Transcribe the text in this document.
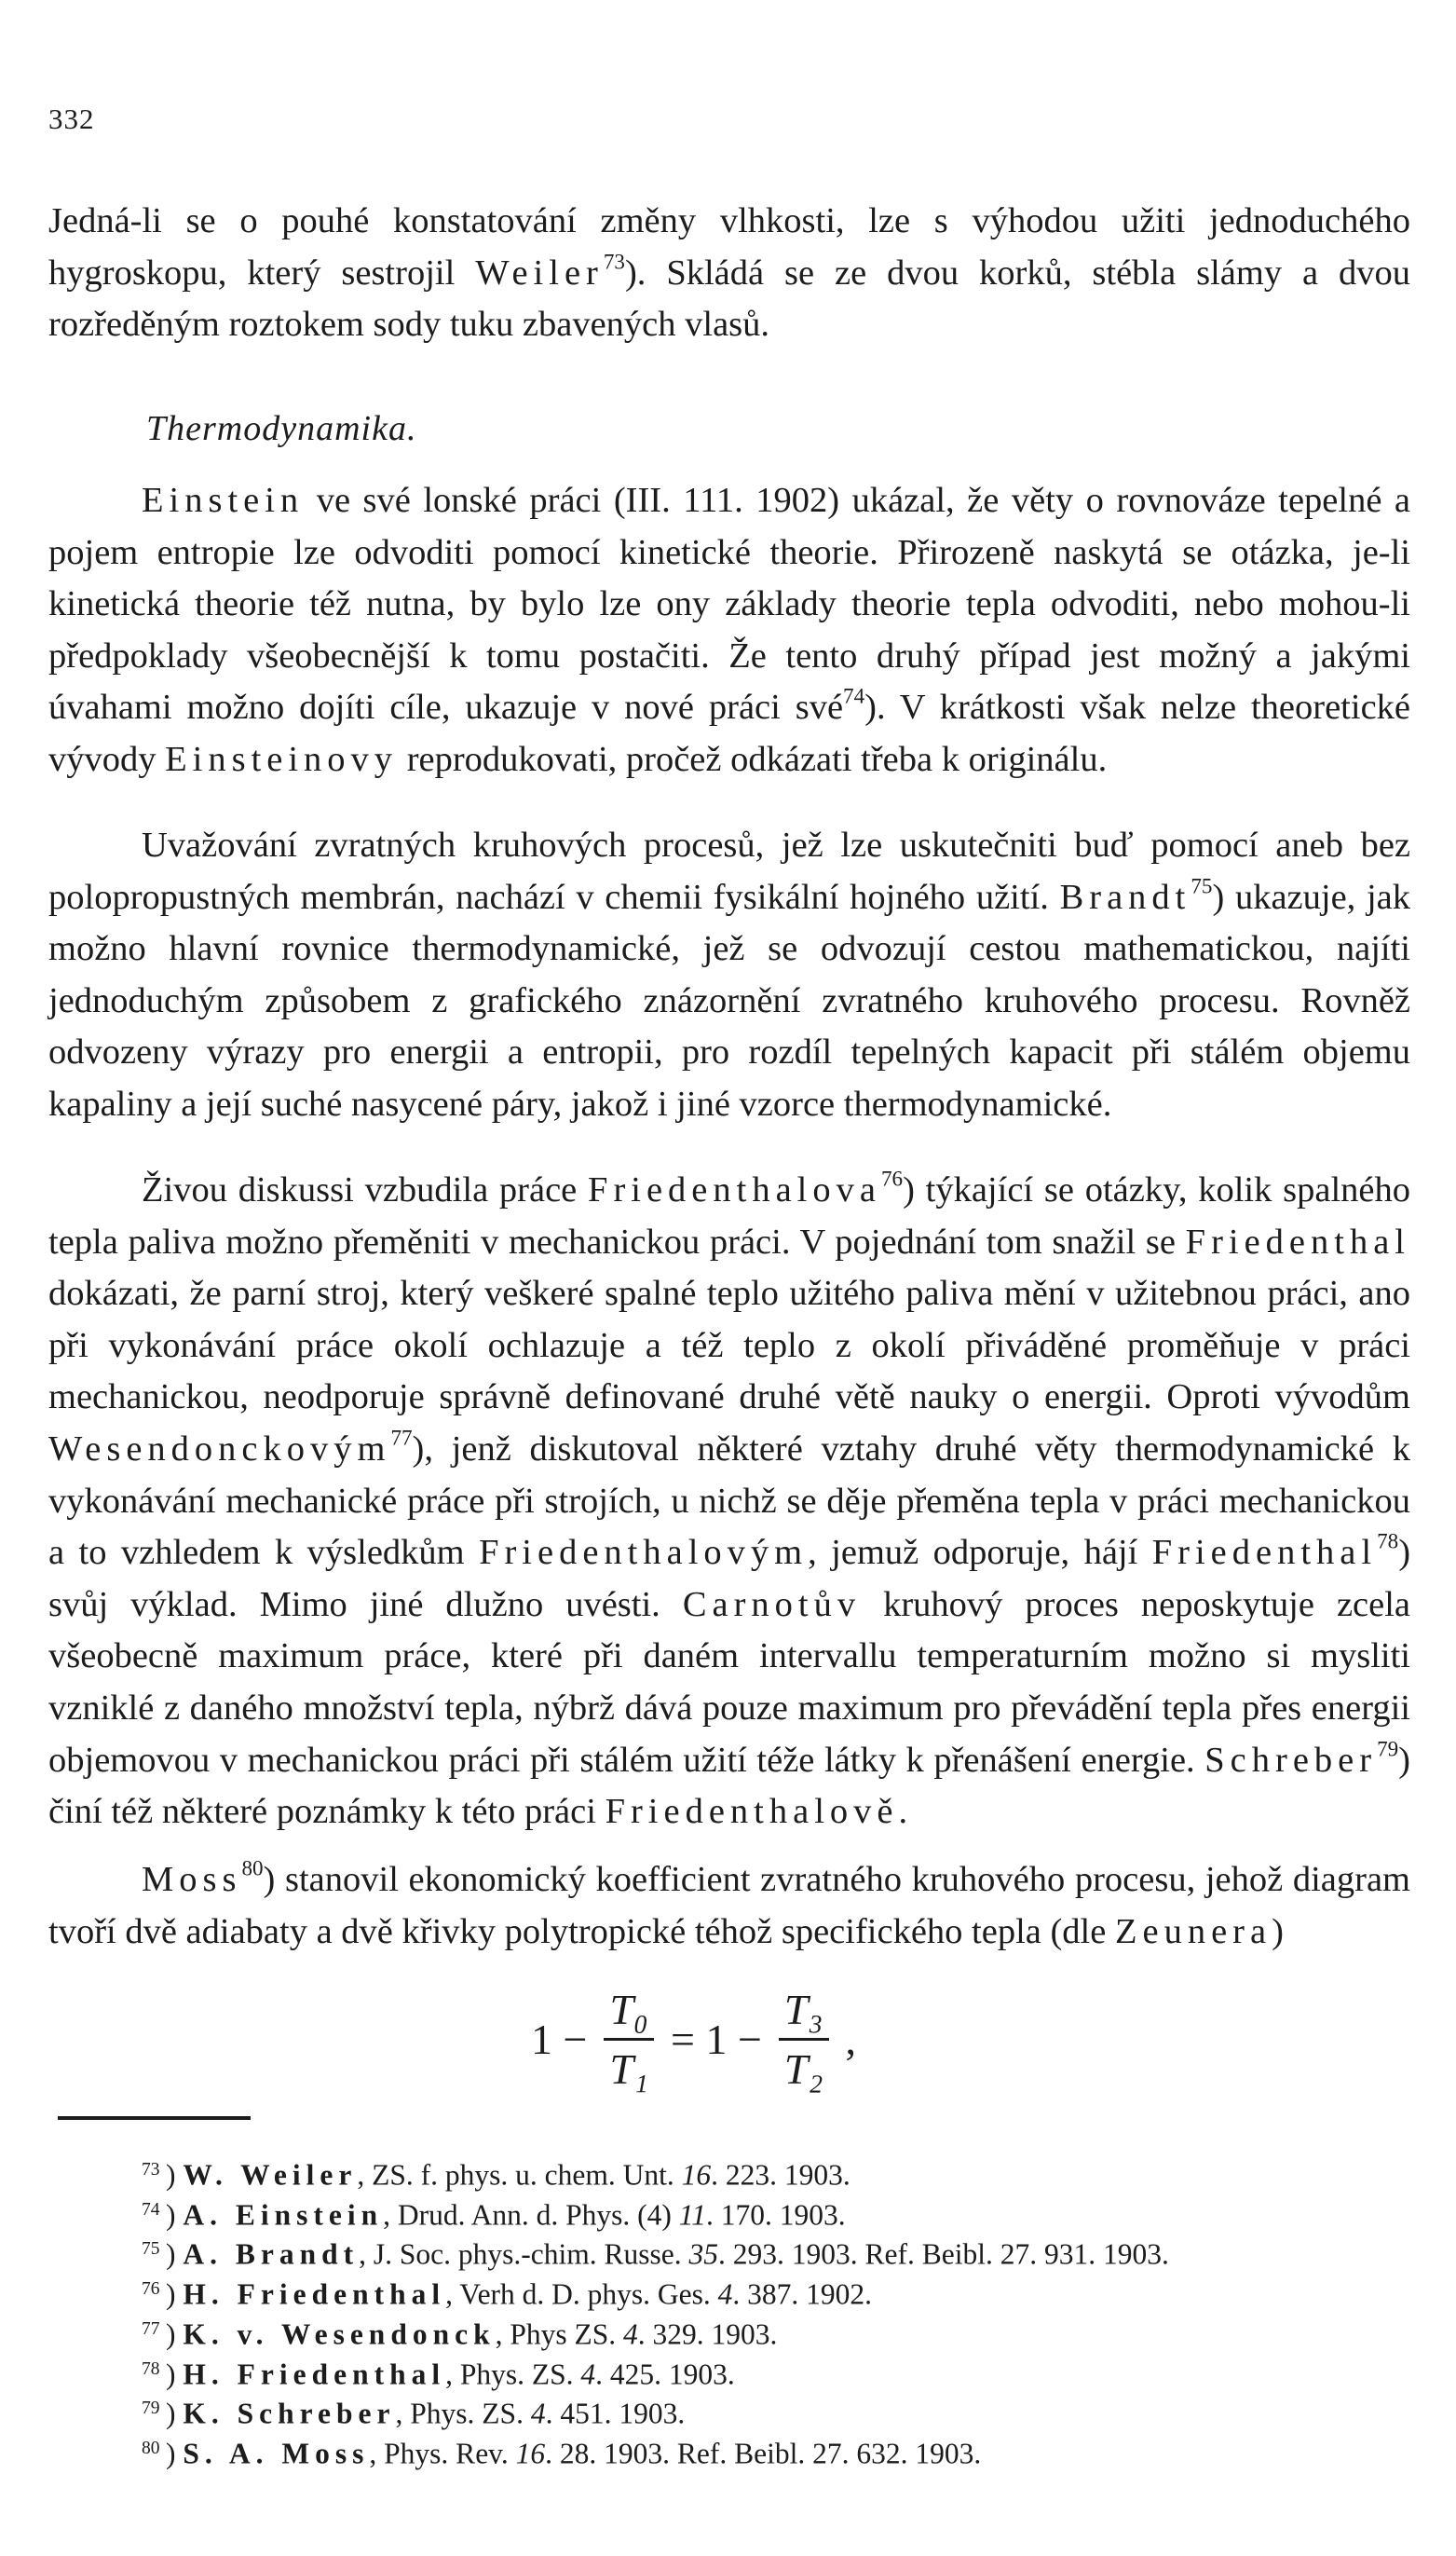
332

Jedná-li se o pouhé konstatování změny vlhkosti, lze s výhodou užiti jednoduchého hygroskopu, který sestrojil Weiler$^{73}$). Skládá se ze dvou korků, stébla slámy a dvou rozředěným roztokem sody tuku zbavených vlasů.

Thermodynamika.

Einstein ve své lonské práci (III. 111. 1902) ukázal, že věty o rovnováze tepelné a pojem entropie lze odvoditi pomocí kinetické theorie. Přirozeně naskytá se otázka, je-li kinetická theorie též nutna, by bylo lze ony základy theorie tepla odvoditi, nebo mohou-li předpoklady všeobecnější k tomu postačiti. Že tento druhý případ jest možný a jakými úvahami možno dojíti cíle, ukazuje v nové práci své$^{74}$). V krátkosti však nelze theoretické vývody Einsteinovy reprodukovati, pročež odkázati třeba k originálu.

Uvažování zvratných kruhových procesů, jež lze uskutečniti buď pomocí aneb bez polopropustných membrán, nachází v chemii fysikální hojného užití. Brandt$^{75}$) ukazuje, jak možno hlavní rovnice thermodynamické, jež se odvozují cestou mathematickou, najíti jednoduchým způsobem z grafického znázornění zvratného kruhového procesu. Rovněž odvozeny výrazy pro energii a entropii, pro rozdíl tepelných kapacit při stálém objemu kapaliny a její suché nasycené páry, jakož i jiné vzorce thermodynamické.

Živou diskussi vzbudila práce Friedenthalova$^{76}$) týkající se otázky, kolik spalného tepla paliva možno přeměniti v mechanickou práci. V pojednání tom snažil se Friedenthal dokázati, že parní stroj, který veškeré spalné teplo užitého paliva mění v užitebnou práci, ano při vykonávání práce okolí ochlazuje a též teplo z okolí přiváděné proměňuje v práci mechanickou, neodporuje správně definované druhé větě nauky o energii. Oproti vývodům Wesendonckovým$^{77}$), jenž diskutoval některé vztahy druhé věty thermodynamické k vykonávání mechanické práce při strojích, u nichž se děje přeměna tepla v práci mechanickou a to vzhledem k výsledkům Friedenthalovým, jemuž odporuje, hájí Friedenthal$^{78}$) svůj výklad. Mimo jiné dlužno uvésti. Carnotův kruhový proces neposkytuje zcela všeobecně maximum práce, které při daném intervallu temperaturním možno si mysliti vzniklé z daného množství tepla, nýbrž dává pouze maximum pro převádění tepla přes energii objemovou v mechanickou práci při stálém užití téže látky k přenášení energie. Schreber$^{79}$) činí též některé poznámky k této práci Friedenthalově.

Moss$^{80}$) stanovil ekonomický koefficient zvratného kruhového procesu, jehož diagram tvoří dvě adiabaty a dvě křivky polytropické téhož specifického tepla (dle Zeunera)

$1 - \frac{\text{T₀}}{\text{T₁}} = 1 - \frac{\text{T₃}}{\text{T₂}}$ ,
73 ) W. Weiler, ZS. f. phys. u. chem. Unt. 16. 223. 1903.
74 ) A. Einstein, Drud. Ann. d. Phys. (4) 11. 170. 1903.
75 ) A. Brandt, J. Soc. phys.-chim. Russe. 35. 293. 1903. Ref. Beibl. 27. 931. 1903.
76 ) H. Friedenthal, Verh d. D. phys. Ges. 4. 387. 1902.
77 ) K. v. Wesendonck, Phys ZS. 4. 329. 1903.
78 ) H. Friedenthal, Phys. ZS. 4. 425. 1903.
79 ) K. Schreber, Phys. ZS. 4. 451. 1903.
80 ) S. A. Moss, Phys. Rev. 16. 28. 1903. Ref. Beibl. 27. 632. 1903.
